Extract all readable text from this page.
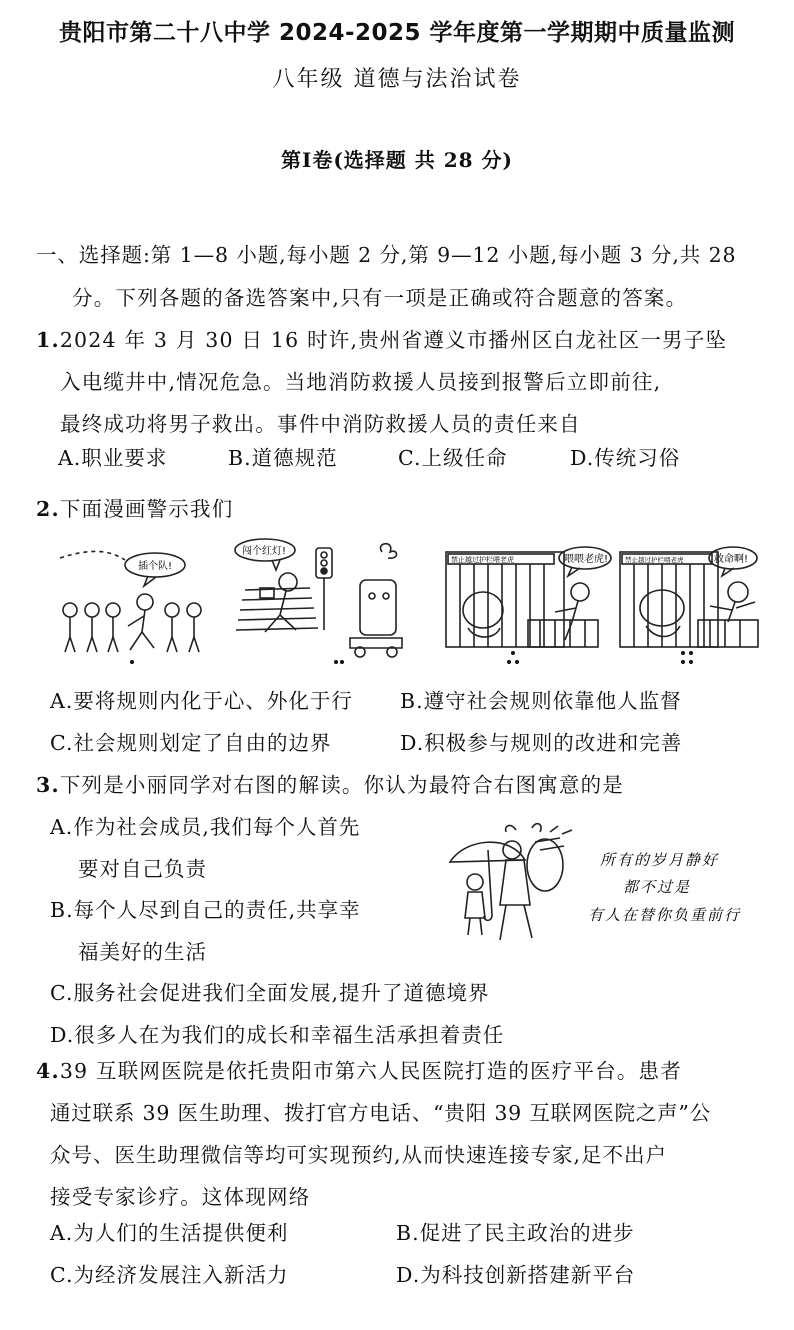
贵阳市第二十八中学 2024-2025 学年度第一学期期中质量监测
八年级 道德与法治试卷
第Ⅰ卷(选择题 共 28 分)
一、选择题:第 1—8 小题,每小题 2 分,第 9—12 小题,每小题 3 分,共 28
分。下列各题的备选答案中,只有一项是正确或符合题意的答案。
1.2024 年 3 月 30 日 16 时许,贵州省遵义市播州区白龙社区一男子坠
入电缆井中,情况危急。当地消防救援人员接到报警后立即前往,
最终成功将男子救出。事件中消防救援人员的责任来自
A.职业要求	B.道德规范	C.上级任命	D.传统习俗
2.下面漫画警示我们
插个队!
闯个红灯!
禁止越过护栏喂老虎	喂喂老虎!	禁止越过护栏喂老虎	救命啊!
A.要将规则内化于心、外化于行 B.遵守社会规则依靠他人监督
C.社会规则划定了自由的边界	D.积极参与规则的改进和完善
3.下列是小丽同学对右图的解读。你认为最符合右图寓意的是
A.作为社会成员,我们每个人首先
要对自己负责
B.每个人尽到自己的责任,共享幸
福美好的生活
所有的岁月静好
都不过是
有人在替你负重前行
C.服务社会促进我们全面发展,提升了道德境界
D.很多人在为我们的成长和幸福生活承担着责任
4.39 互联网医院是依托贵阳市第六人民医院打造的医疗平台。患者
通过联系 39 医生助理、拨打官方电话、“贵阳 39 互联网医院之声”公
众号、医生助理微信等均可实现预约,从而快速连接专家,足不出户
接受专家诊疗。这体现网络
A.为人们的生活提供便利	B.促进了民主政治的进步
C.为经济发展注入新活力	D.为科技创新搭建新平台
